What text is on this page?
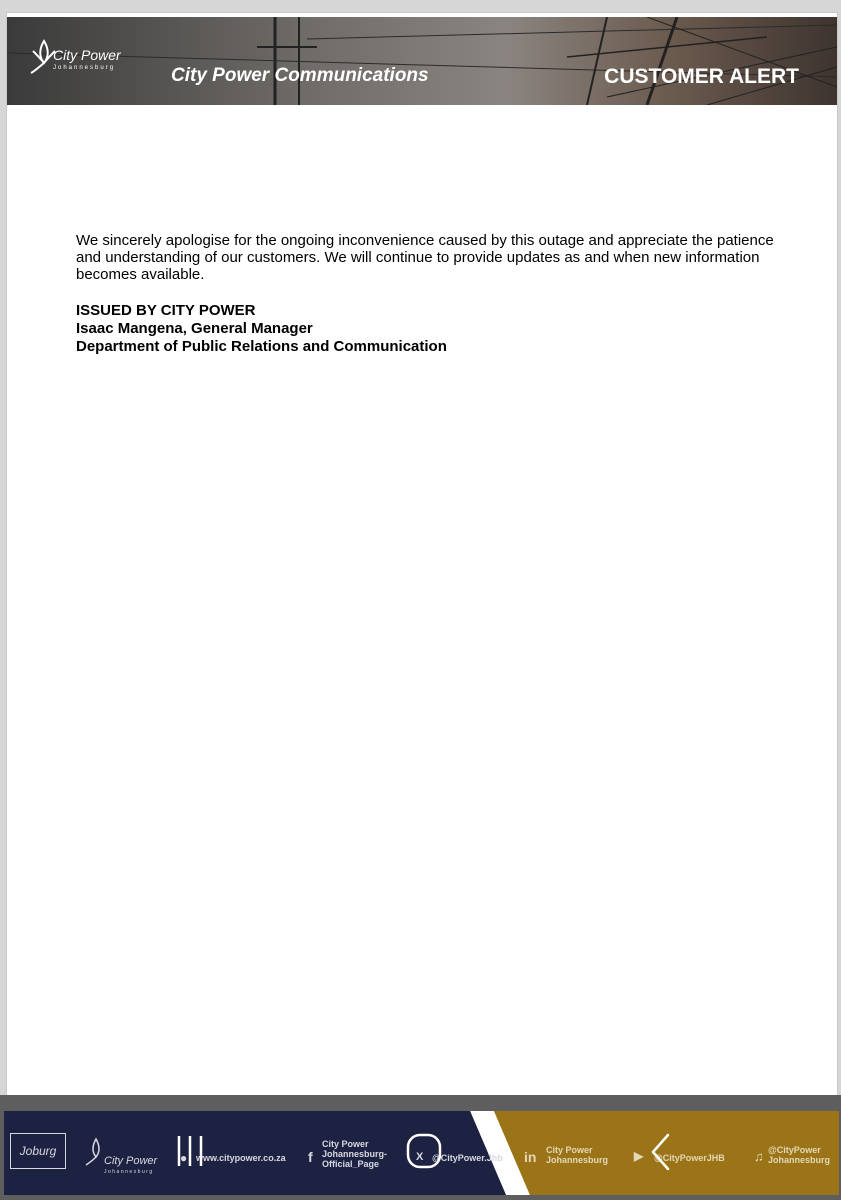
City Power
Johannesburg	City Power Communications	CUSTOMER ALERT
We sincerely apologise for the ongoing inconvenience caused by this outage and appreciate the patience and understanding of our customers. We will continue to provide updates as and when new information becomes available.
ISSUED BY CITY POWER
Isaac Mangena, General Manager
Department of Public Relations and Communication
Joburg
City Power
Johannesburg
● www.citypower.co.za f
City Power Johannesburg-Official_Page
X @CityPower.Jhb in City Power Johannesburg	▶ @CityPowerJHB ♫ @CityPower Johannesburg
